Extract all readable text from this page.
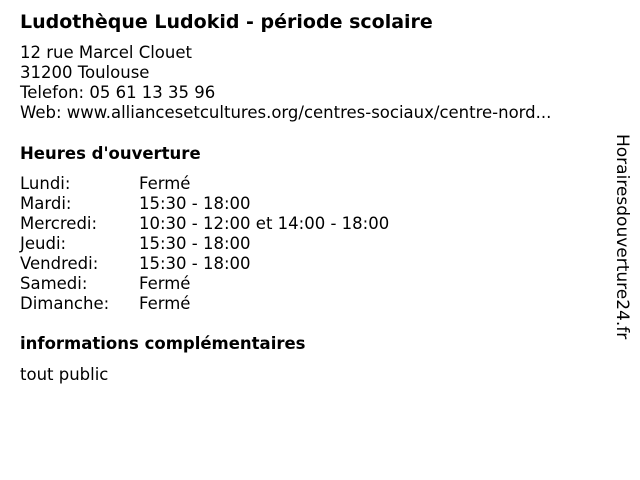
Ludothèque Ludokid - période scolaire
12 rue Marcel Clouet
31200 Toulouse
Telefon: 05 61 13 35 96
Web: www.alliancesetcultures.org/centres-sociaux/centre-nord...
Heures d'ouverture
Lundi:	Fermé
Mardi:	15:30 - 18:00
Mercredi:	10:30 - 12:00 et 14:00 - 18:00
Jeudi:	15:30 - 18:00
Vendredi:	15:30 - 18:00
Samedi:	Fermé
Dimanche:	Fermé
informations complémentaires
tout public
Horairesdouverture24.fr
